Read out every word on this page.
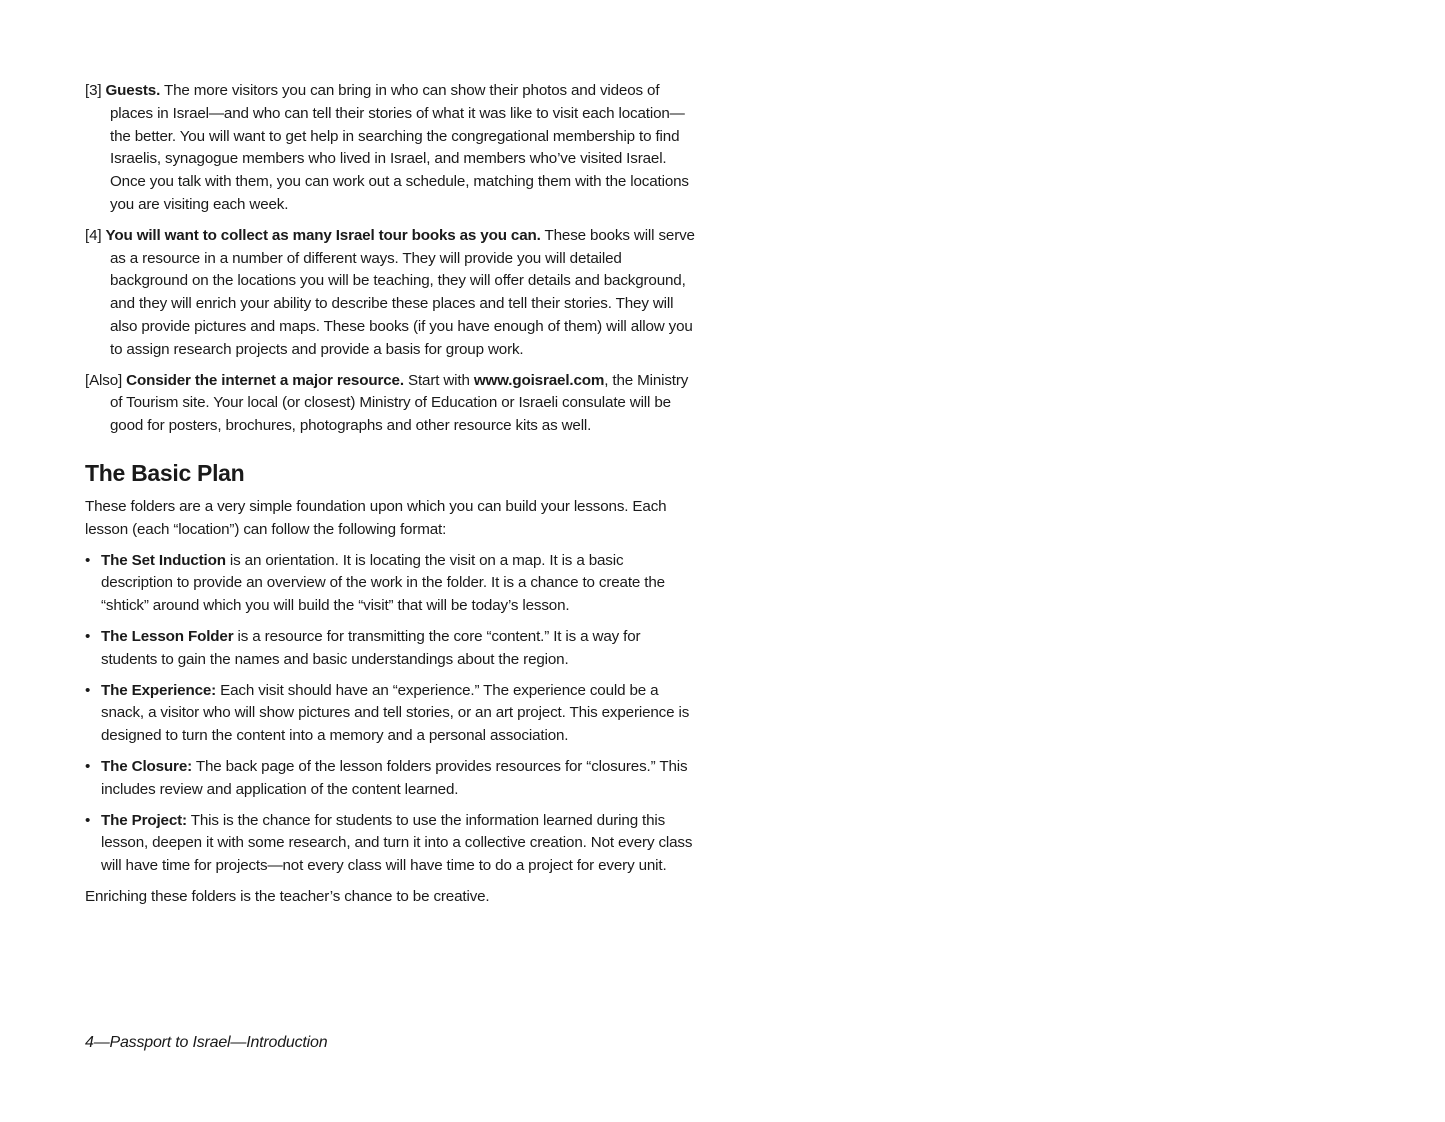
[3] Guests. The more visitors you can bring in who can show their photos and videos of places in Israel—and who can tell their stories of what it was like to visit each location—the better. You will want to get help in searching the congregational membership to find Israelis, synagogue members who lived in Israel, and members who’ve visited Israel. Once you talk with them, you can work out a schedule, matching them with the locations you are visiting each week.

[4] You will want to collect as many Israel tour books as you can. These books will serve as a resource in a number of different ways. They will provide you will detailed background on the locations you will be teaching, they will offer details and background, and they will enrich your ability to describe these places and tell their stories. They will also provide pictures and maps. These books (if you have enough of them) will allow you to assign research projects and provide a basis for group work.

[Also] Consider the internet a major resource. Start with www.goisrael.com, the Ministry of Tourism site. Your local (or closest) Ministry of Education or Israeli consulate will be good for posters, brochures, photographs and other resource kits as well.

The Basic Plan

These folders are a very simple foundation upon which you can build your lessons. Each lesson (each “location”) can follow the following format:

• The Set Induction is an orientation. It is locating the visit on a map. It is a basic description to provide an overview of the work in the folder. It is a chance to create the “shtick” around which you will build the “visit” that will be today’s lesson.

• The Lesson Folder is a resource for transmitting the core “content.” It is a way for students to gain the names and basic understandings about the region.

• The Experience: Each visit should have an “experience.” The experience could be a snack, a visitor who will show pictures and tell stories, or an art project. This experience is designed to turn the content into a memory and a personal association.

• The Closure: The back page of the lesson folders provides resources for “closures.” This includes review and application of the content learned.

• The Project: This is the chance for students to use the information learned during this lesson, deepen it with some research, and turn it into a collective creation. Not every class will have time for projects—not every class will have time to do a project for every unit.

Enriching these folders is the teacher’s chance to be creative.

4—Passport to Israel—Introduction
